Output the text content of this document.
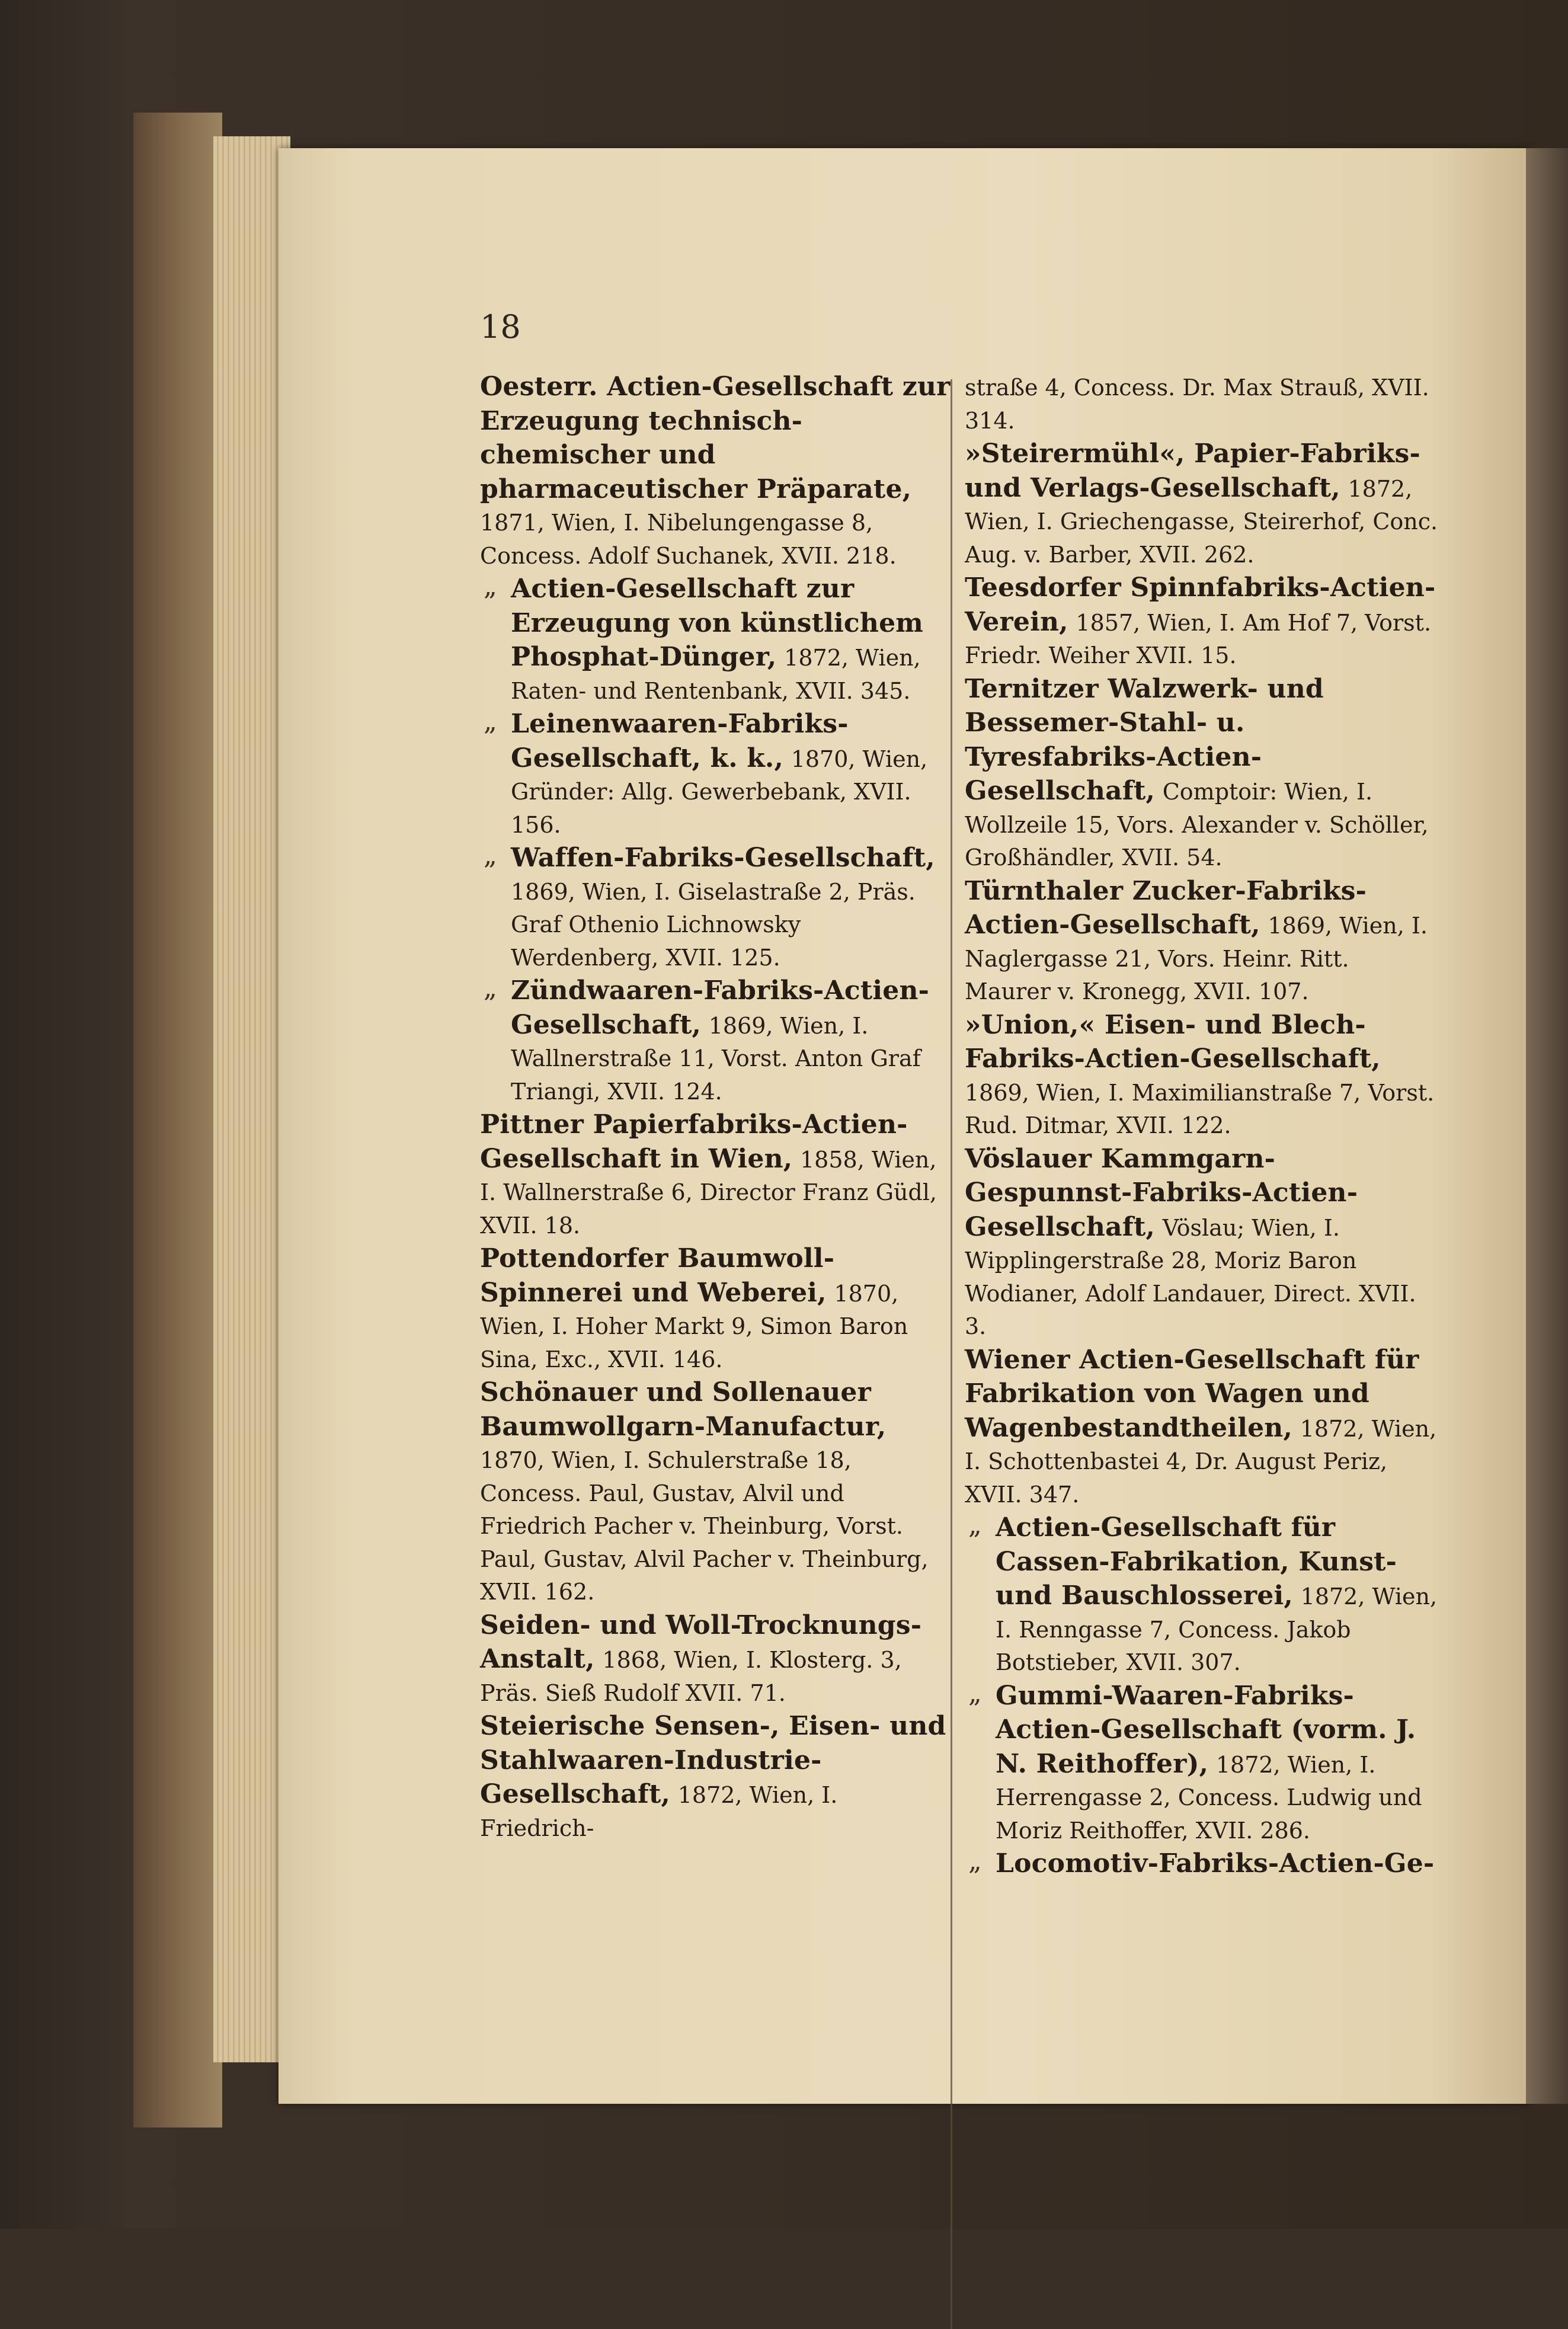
18

Oesterr. Actien-Gesellschaft zur Erzeugung technisch-chemischer und pharmaceutischer Präparate, 1871, Wien, I. Nibelungengasse 8, Concess. Adolf Suchanek, XVII. 218.

„ Actien-Gesellschaft zur Erzeugung von künstlichem Phosphat-Dünger, 1872, Wien, Raten- und Rentenbank, XVII. 345.

„ Leinenwaaren-Fabriks-Gesellschaft, k. k., 1870, Wien, Gründer: Allg. Gewerbebank, XVII. 156.

„ Waffen-Fabriks-Gesellschaft, 1869, Wien, I. Giselastraße 2, Präs. Graf Othenio Lichnowsky Werdenberg, XVII. 125.

„ Zündwaaren-Fabriks-Actien-Gesellschaft, 1869, Wien, I. Wallnerstraße 11, Vorst. Anton Graf Triangi, XVII. 124.

Pittner Papierfabriks-Actien-Gesellschaft in Wien, 1858, Wien, I. Wallnerstraße 6, Director Franz Güdl, XVII. 18.

Pottendorfer Baumwoll-Spinnerei und Weberei, 1870, Wien, I. Hoher Markt 9, Simon Baron Sina, Exc., XVII. 146.

Schönauer und Sollenauer Baumwollgarn-Manufactur, 1870, Wien, I. Schulerstraße 18, Concess. Paul, Gustav, Alvil und Friedrich Pacher v. Theinburg, Vorst. Paul, Gustav, Alvil Pacher v. Theinburg, XVII. 162.

Seiden- und Woll-Trocknungs-Anstalt, 1868, Wien, I. Klosterg. 3, Präs. Sieß Rudolf XVII. 71.

Steierische Sensen-, Eisen- und Stahlwaaren-Industrie-Gesellschaft, 1872, Wien, I. Friedrich-

straße 4, Concess. Dr. Max Strauß, XVII. 314.

»Steirermühl«, Papier-Fabriks- und Verlags-Gesellschaft, 1872, Wien, I. Griechengasse, Steirerhof, Conc. Aug. v. Barber, XVII. 262.

Teesdorfer Spinnfabriks-Actien-Verein, 1857, Wien, I. Am Hof 7, Vorst. Friedr. Weiher XVII. 15.

Ternitzer Walzwerk- und Bessemer-Stahl- u. Tyresfabriks-Actien-Gesellschaft, Comptoir: Wien, I. Wollzeile 15, Vors. Alexander v. Schöller, Großhändler, XVII. 54.

Türnthaler Zucker-Fabriks-Actien-Gesellschaft, 1869, Wien, I. Naglergasse 21, Vors. Heinr. Ritt. Maurer v. Kronegg, XVII. 107.

»Union,« Eisen- und Blech-Fabriks-Actien-Gesellschaft, 1869, Wien, I. Maximilianstraße 7, Vorst. Rud. Ditmar, XVII. 122.

Vöslauer Kammgarn-Gespunnst-Fabriks-Actien-Gesellschaft, Vöslau; Wien, I. Wipplingerstraße 28, Moriz Baron Wodianer, Adolf Landauer, Direct. XVII. 3.

Wiener Actien-Gesellschaft für Fabrikation von Wagen und Wagenbestandtheilen, 1872, Wien, I. Schottenbastei 4, Dr. August Periz, XVII. 347.

„ Actien-Gesellschaft für Cassen-Fabrikation, Kunst- und Bauschlosserei, 1872, Wien, I. Renngasse 7, Concess. Jakob Botstieber, XVII. 307.

„ Gummi-Waaren-Fabriks-Actien-Gesellschaft (vorm. J. N. Reithoffer), 1872, Wien, I. Herrengasse 2, Concess. Ludwig und Moriz Reithoffer, XVII. 286.

„ Locomotiv-Fabriks-Actien-Ge-
